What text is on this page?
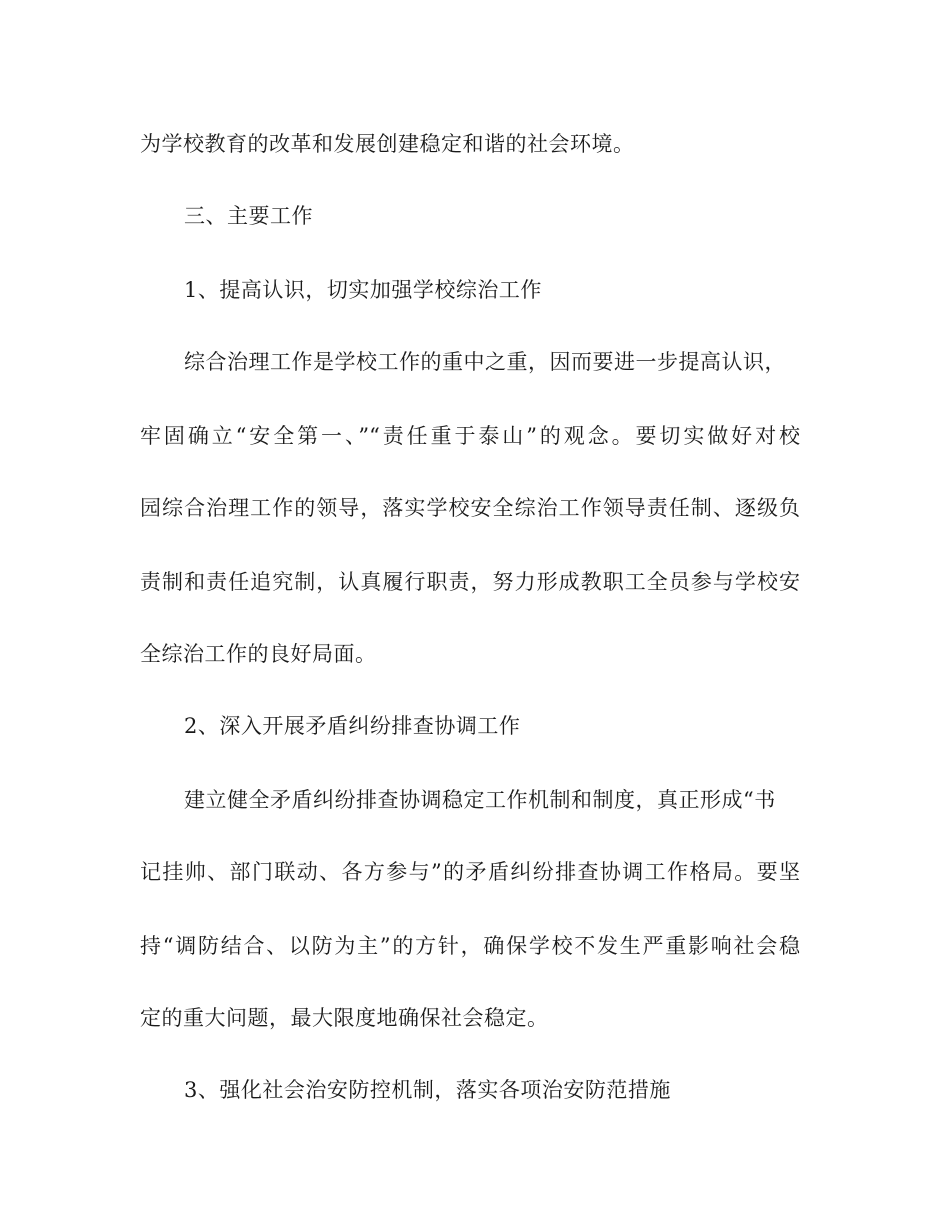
为学校教育的改革和发展创建稳定和谐的社会环境。
三、主要工作
1、提高认识，切实加强学校综治工作
综合治理工作是学校工作的重中之重，因而要进一步提高认识，
牢固确立“安全第一、”“责任重于泰山”的观念。要切实做好对校
园综合治理工作的领导，落实学校安全综治工作领导责任制、逐级负
责制和责任追究制，认真履行职责，努力形成教职工全员参与学校安
全综治工作的良好局面。
2、深入开展矛盾纠纷排查协调工作
建立健全矛盾纠纷排查协调稳定工作机制和制度，真正形成“书
记挂帅、部门联动、各方参与”的矛盾纠纷排查协调工作格局。要坚
持“调防结合、以防为主”的方针，确保学校不发生严重影响社会稳
定的重大问题，最大限度地确保社会稳定。
3、强化社会治安防控机制，落实各项治安防范措施
